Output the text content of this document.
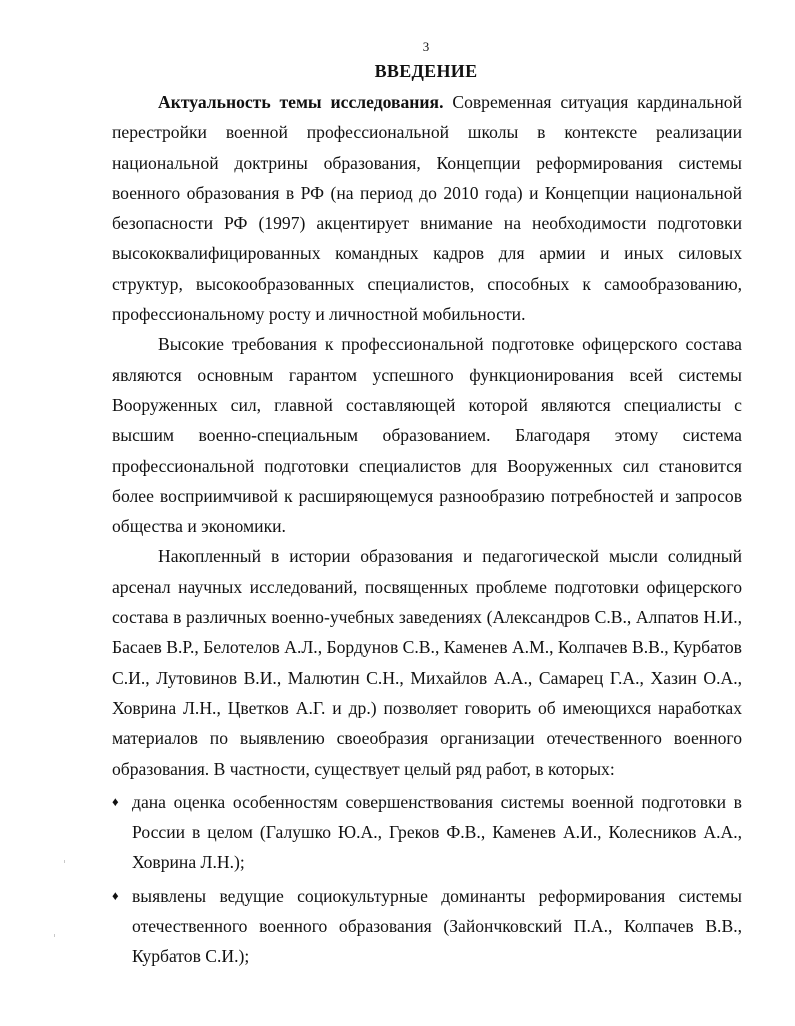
3
ВВЕДЕНИЕ

Актуальность темы исследования. Современная ситуация кардинальной перестройки военной профессиональной школы в контексте реализации национальной доктрины образования, Концепции реформирования системы военного образования в РФ (на период до 2010 года) и Концепции национальной безопасности РФ (1997) акцентирует внимание на необходимости подготовки высококвалифицированных командных кадров для армии и иных силовых структур, высокообразованных специалистов, способных к самообразованию, профессиональному росту и личностной мобильности.

Высокие требования к профессиональной подготовке офицерского состава являются основным гарантом успешного функционирования всей системы Вооруженных сил, главной составляющей которой являются специалисты с высшим военно-специальным образованием. Благодаря этому система профессиональной подготовки специалистов для Вооруженных сил становится более восприимчивой к расширяющемуся разнообразию потребностей и запросов общества и экономики.

Накопленный в истории образования и педагогической мысли солидный арсенал научных исследований, посвященных проблеме подготовки офицерского состава в различных военно-учебных заведениях (Александров С.В., Алпатов Н.И., Басаев В.Р., Белотелов А.Л., Бордунов С.В., Каменев А.М., Колпачев В.В., Курбатов С.И., Лутовинов В.И., Малютин С.Н., Михайлов А.А., Самарец Г.А., Хазин О.А., Ховрина Л.Н., Цветков А.Г. и др.) позволяет говорить об имеющихся наработках материалов по выявлению своеобразия организации отечественного военного образования. В частности, существует целый ряд работ, в которых:

♦ дана оценка особенностям совершенствования системы военной подготовки в России в целом (Галушко Ю.А., Греков Ф.В., Каменев А.И., Колесников А.А., Ховрина Л.Н.);
♦ выявлены ведущие социокультурные доминанты реформирования системы отечественного военного образования (Зайончковский П.А., Колпачев В.В., Курбатов С.И.);
